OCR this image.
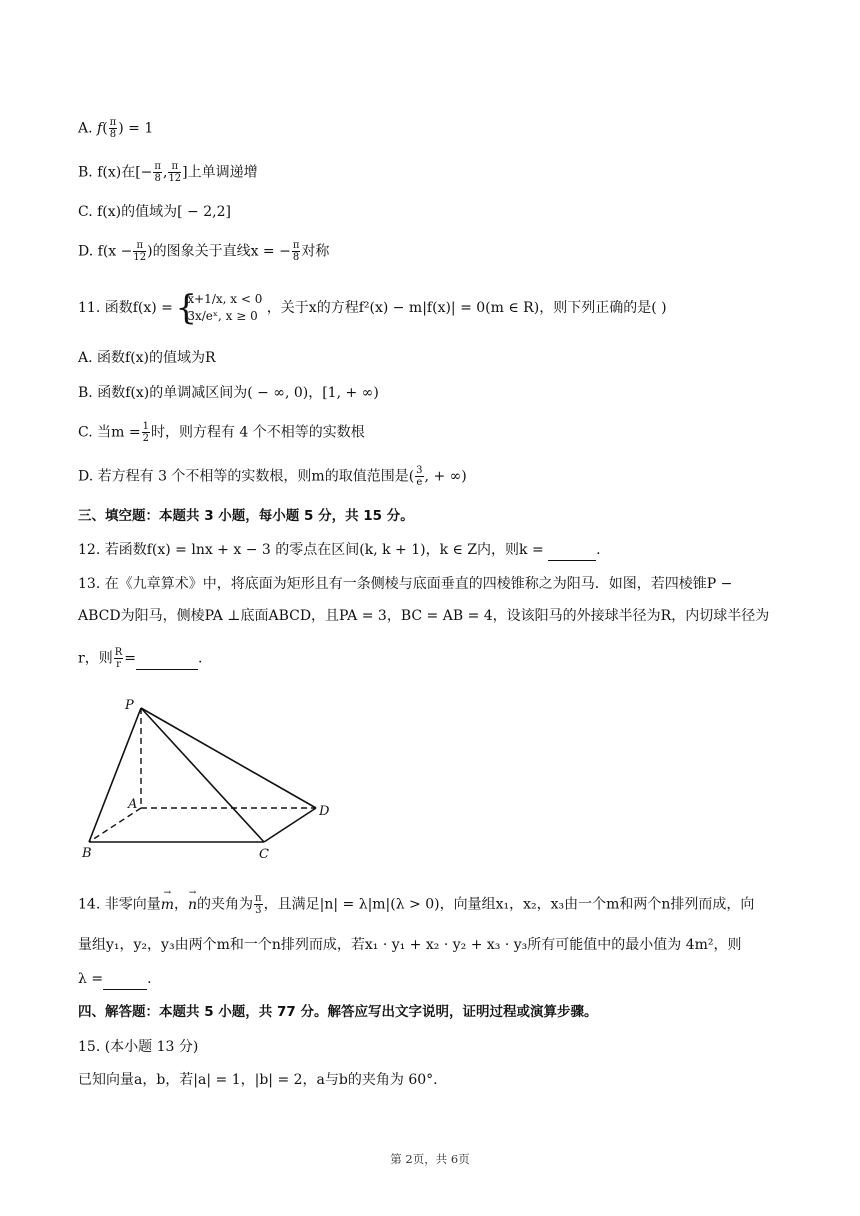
A. $f( \frac{\pi}{8}$ ) = 1
B. f(x)在[− $\frac{\pi}{8}$ , $\frac{\pi}{12}$ ]上单调递增
C. f(x)的值域为[ − 2,2]
D. $f(x - \frac{\pi}{12}$ )的图象关于直线x = − $\frac{\pi}{8}$ 对称
11. 函数f(x) =
{ x+1/x, x < 0
3x/eˣ, x ≥ 0 ，关于x的方程f²(x) − m|f(x)| = 0(m ∈ R)，则下列正确的是( )
A. 函数f(x)的值域为R
B. 函数f(x)的单调减区间为( − ∞, 0)，[1, + ∞)
C. 当$m = \frac{1}{2}$ 时，则方程有 4 个不相等的实数根
D. 若方程有 3 个不相等的实数根，则m的取值范围是( $\frac{3}{e}$ , + ∞)
三、填空题：本题共 3 小题，每小题 5 分，共 15 分。
12. 若函数f(x) = lnx + x − 3 的零点在区间(k, k + 1)，k ∈ Z内，则k =	.
13. 在《九章算术》中，将底面为矩形且有一条侧棱与底面垂直的四棱锥称之为阳马．如图，若四棱锥P −
ABCD为阳马，侧棱PA ⊥底面ABCD，且PA = 3，BC = AB = 4，设该阳马的外接球半径为R，内切球半径为
r，则 $\frac{R}{r}$ =	.
P
A
B	C
D
14. 非零向量m →，n →的夹角为 $\frac{\pi}{3}$ ，且满足|n| = λ|m|(λ > 0)，向量组x₁，x₂，x₃由一个m和两个n排列而成，向
量组y₁，y₂，y₃由两个m和一个n排列而成，若x₁ · y₁ + x₂ · y₂ + x₃ · y₃所有可能值中的最小值为 4m²，则
λ =	.
四、解答题：本题共 5 小题，共 77 分。解答应写出文字说明，证明过程或演算步骤。
15. (本小题 13 分)
已知向量a，b，若|a| = 1，|b| = 2，a与b的夹角为 60°.
第 2页，共 6页
